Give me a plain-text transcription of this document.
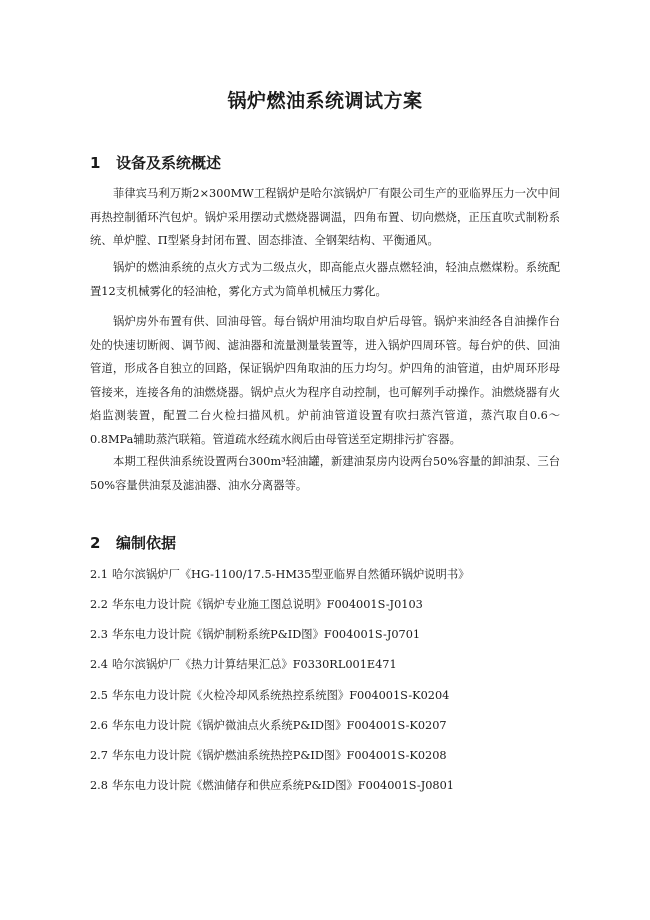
锅炉燃油系统调试方案
1 设备及系统概述

菲律宾马利万斯2×300MW工程锅炉是哈尔滨锅炉厂有限公司生产的亚临界压力一次中间再热控制循环汽包炉。锅炉采用摆动式燃烧器调温，四角布置、切向燃烧，正压直吹式制粉系统、单炉膛、Π型紧身封闭布置、固态排渣、全钢架结构、平衡通风。

锅炉的燃油系统的点火方式为二级点火，即高能点火器点燃轻油，轻油点燃煤粉。系统配置12支机械雾化的轻油枪，雾化方式为简单机械压力雾化。

锅炉房外布置有供、回油母管。每台锅炉用油均取自炉后母管。锅炉来油经各自油操作台处的快速切断阀、调节阀、滤油器和流量测量装置等，进入锅炉四周环管。每台炉的供、回油管道，形成各自独立的回路，保证锅炉四角取油的压力均匀。炉四角的油管道，由炉周环形母管接来，连接各角的油燃烧器。锅炉点火为程序自动控制，也可解列手动操作。油燃烧器有火焰监测装置，配置二台火检扫描风机。炉前油管道设置有吹扫蒸汽管道，蒸汽取自0.6～0.8MPa辅助蒸汽联箱。管道疏水经疏水阀后由母管送至定期排污扩容器。

本期工程供油系统设置两台300m³轻油罐，新建油泵房内设两台50%容量的卸油泵、三台50%容量供油泵及滤油器、油水分离器等。

2 编制依据
2.1 哈尔滨锅炉厂《HG-1100/17.5-HM35型亚临界自然循环锅炉说明书》
2.2 华东电力设计院《锅炉专业施工图总说明》F004001S-J0103
2.3 华东电力设计院《锅炉制粉系统P&ID图》F004001S-J0701
2.4 哈尔滨锅炉厂《热力计算结果汇总》F0330RL001E471
2.5 华东电力设计院《火检冷却风系统热控系统图》F004001S-K0204
2.6 华东电力设计院《锅炉微油点火系统P&ID图》F004001S-K0207
2.7 华东电力设计院《锅炉燃油系统热控P&ID图》F004001S-K0208
2.8 华东电力设计院《燃油储存和供应系统P&ID图》F004001S-J0801
